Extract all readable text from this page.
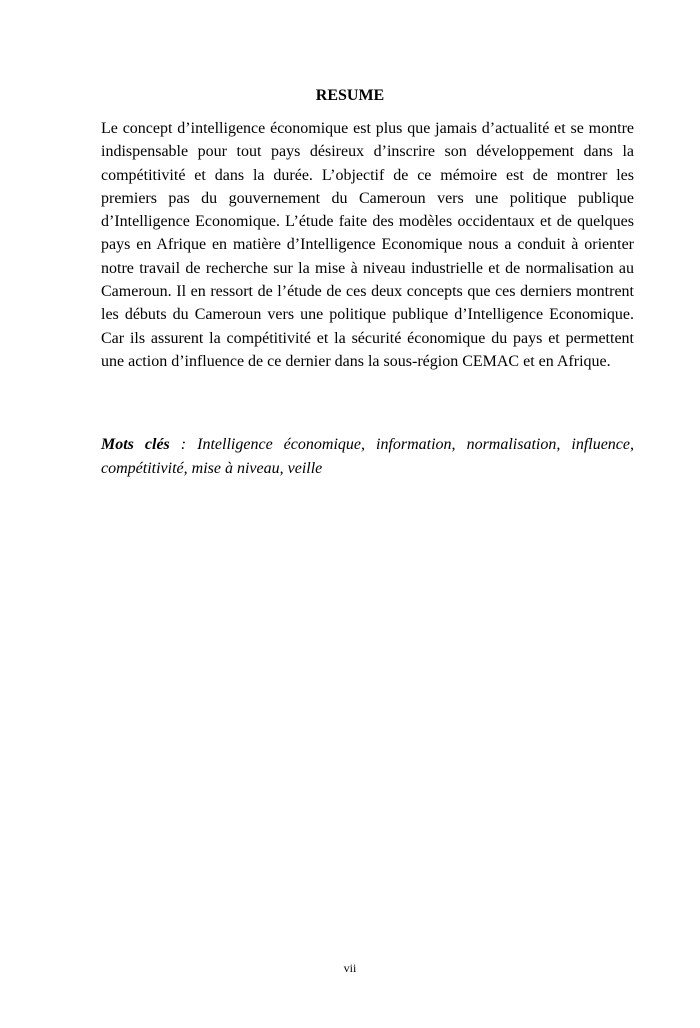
RESUME

Le concept d’intelligence économique est plus que jamais d’actualité et se montre indispensable pour tout pays désireux d’inscrire son développement dans la compétitivité et dans la durée. L’objectif de ce mémoire est de montrer les premiers pas du gouvernement du Cameroun vers une politique publique d’Intelligence Economique. L’étude faite des modèles occidentaux et de quelques pays en Afrique en matière d’Intelligence Economique nous a conduit à orienter notre travail de recherche sur la mise à niveau industrielle et de normalisation au Cameroun. Il en ressort de l’étude de ces deux concepts que ces derniers montrent les débuts du Cameroun vers une politique publique d’Intelligence Economique. Car ils assurent la compétitivité et la sécurité économique du pays et permettent une action d’influence de ce dernier dans la sous-région CEMAC et en Afrique.

Mots clés : Intelligence économique, information, normalisation, influence, compétitivité, mise à niveau, veille

vii
